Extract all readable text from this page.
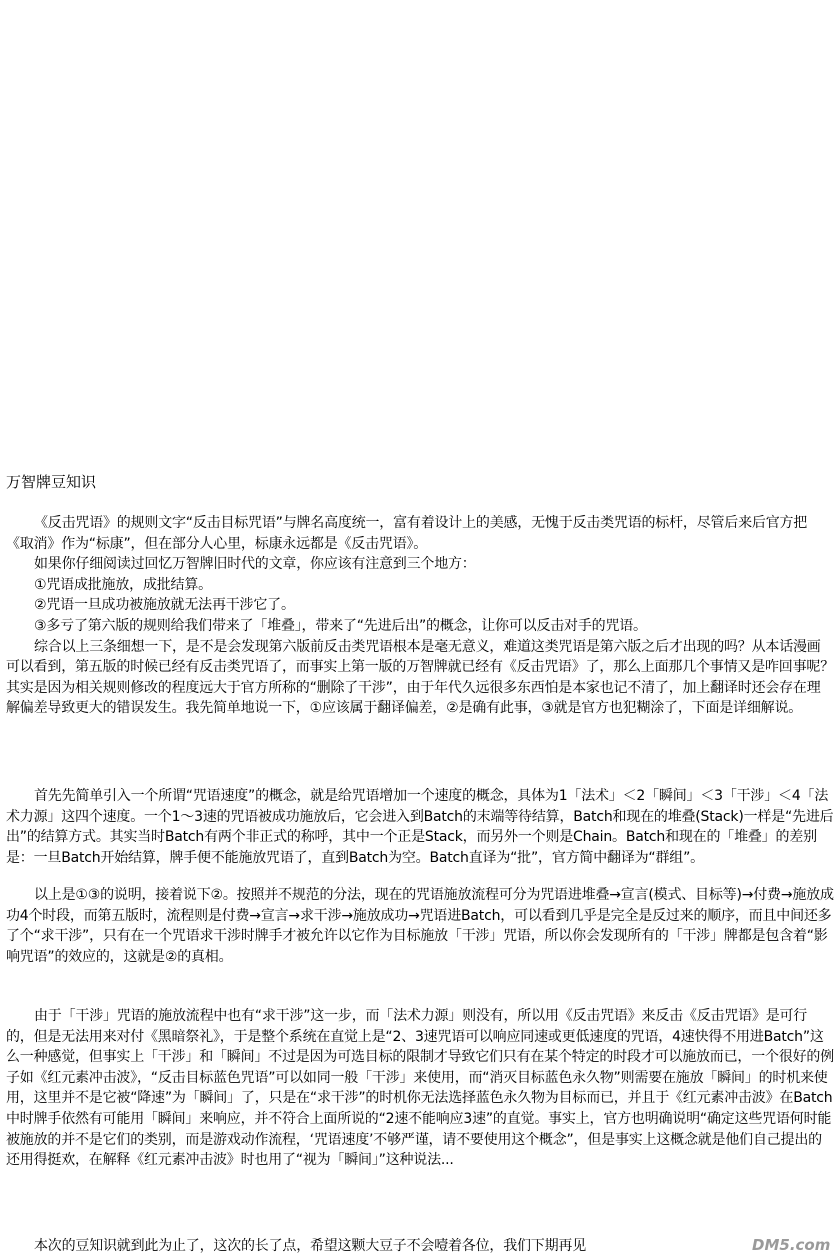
万智牌豆知识

《反击咒语》的规则文字“反击目标咒语”与牌名高度统一，富有着设计上的美感，无愧于反击类咒语的标杆，尽管后来后官方把《取消》作为“标康”，但在部分人心里，标康永远都是《反击咒语》。

如果你仔细阅读过回忆万智牌旧时代的文章，你应该有注意到三个地方：

①咒语成批施放，成批结算。

②咒语一旦成功被施放就无法再干涉它了。

③多亏了第六版的规则给我们带来了「堆叠」，带来了“先进后出”的概念，让你可以反击对手的咒语。

综合以上三条细想一下，是不是会发现第六版前反击类咒语根本是毫无意义，难道这类咒语是第六版之后才出现的吗？从本话漫画可以看到，第五版的时候已经有反击类咒语了，而事实上第一版的万智牌就已经有《反击咒语》了，那么上面那几个事情又是咋回事呢？其实是因为相关规则修改的程度远大于官方所称的“删除了干涉”，由于年代久远很多东西怕是本家也记不清了，加上翻译时还会存在理解偏差导致更大的错误发生。我先简单地说一下，①应该属于翻译偏差，②是确有此事，③就是官方也犯糊涂了，下面是详细解说。

首先先简单引入一个所谓“咒语速度”的概念，就是给咒语增加一个速度的概念，具体为1「法术」＜2「瞬间」＜3「干涉」＜4「法术力源」这四个速度。一个1～3速的咒语被成功施放后，它会进入到Batch的末端等待结算，Batch和现在的堆叠(Stack)一样是“先进后出”的结算方式。其实当时Batch有两个非正式的称呼，其中一个正是Stack，而另外一个则是Chain。Batch和现在的「堆叠」的差别是：一旦Batch开始结算，牌手便不能施放咒语了，直到Batch为空。Batch直译为“批”，官方简中翻译为“群组”。

以上是①③的说明，接着说下②。按照并不规范的分法，现在的咒语施放流程可分为咒语进堆叠→宣言(模式、目标等)→付费→施放成功4个时段，而第五版时，流程则是付费→宣言→求干涉→施放成功→咒语进Batch，可以看到几乎是完全是反过来的顺序，而且中间还多了个“求干涉”，只有在一个咒语求干涉时牌手才被允许以它作为目标施放「干涉」咒语，所以你会发现所有的「干涉」牌都是包含着“影响咒语”的效应的，这就是②的真相。

由于「干涉」咒语的施放流程中也有“求干涉”这一步，而「法术力源」则没有，所以用《反击咒语》来反击《反击咒语》是可行的，但是无法用来对付《黑暗祭礼》，于是整个系统在直觉上是“2、3速咒语可以响应同速或更低速度的咒语，4速快得不用进Batch”这么一种感觉，但事实上「干涉」和「瞬间」不过是因为可选目标的限制才导致它们只有在某个特定的时段才可以施放而已，一个很好的例子如《红元素冲击波》，“反击目标蓝色咒语”可以如同一般「干涉」来使用，而“消灭目标蓝色永久物”则需要在施放「瞬间」的时机来使用，这里并不是它被“降速”为「瞬间」了，只是在“求干涉”的时机你无法选择蓝色永久物为目标而已，并且于《红元素冲击波》在Batch中时牌手依然有可能用「瞬间」来响应，并不符合上面所说的“2速不能响应3速”的直觉。事实上，官方也明确说明“确定这些咒语何时能被施放的并不是它们的类别，而是游戏动作流程，‘咒语速度’不够严谨，请不要使用这个概念”，但是事实上这概念就是他们自己提出的还用得挺欢，在解释《红元素冲击波》时也用了“视为「瞬间」”这种说法...

本次的豆知识就到此为止了，这次的长了点，希望这颗大豆子不会噎着各位，我们下期再见	DM5.com
